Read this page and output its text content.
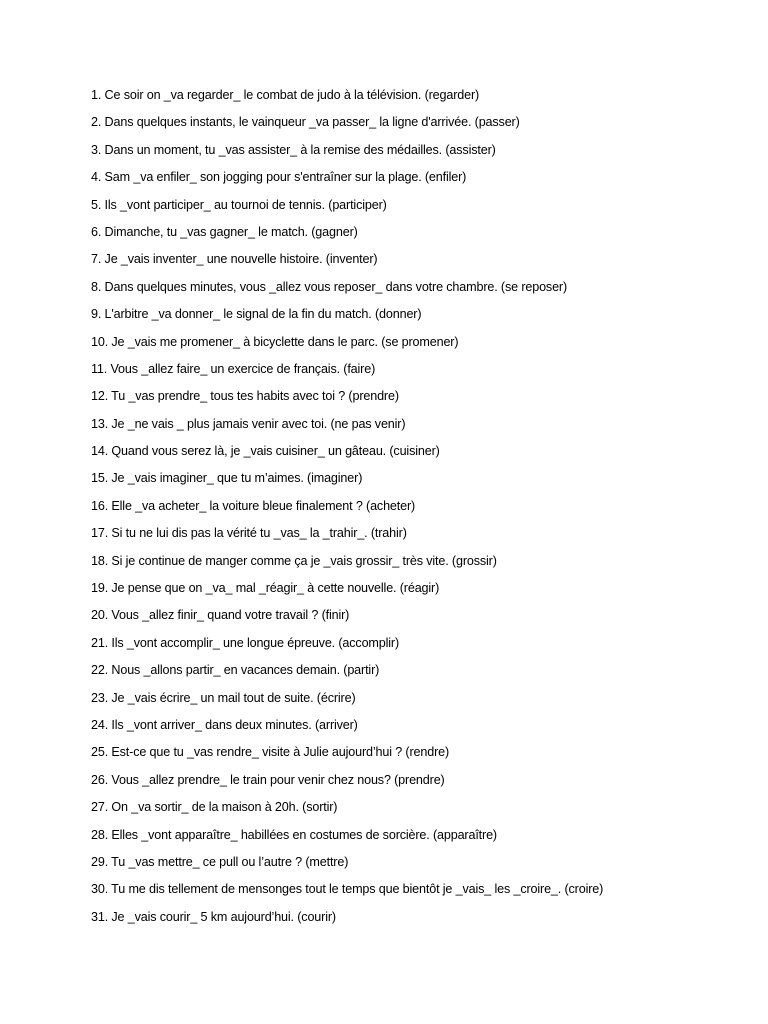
1. Ce soir on _va regarder_ le combat de judo à la télévision. (regarder)
2. Dans quelques instants, le vainqueur _va passer_ la ligne d'arrivée. (passer)
3. Dans un moment, tu _vas assister_ à la remise des médailles. (assister)
4. Sam _va enfiler_ son jogging pour s'entraîner sur la plage. (enfiler)
5. Ils _vont participer_ au tournoi de tennis. (participer)
6. Dimanche, tu _vas gagner_ le match. (gagner)
7. Je _vais inventer_ une nouvelle histoire. (inventer)
8. Dans quelques minutes, vous _allez vous reposer_ dans votre chambre. (se reposer)
9. L'arbitre _va donner_ le signal de la fin du match. (donner)
10. Je _vais me promener_ à bicyclette dans le parc. (se promener)
11. Vous _allez faire_ un exercice de français. (faire)
12. Tu _vas prendre_ tous tes habits avec toi ? (prendre)
13. Je _ne vais _ plus jamais venir avec toi. (ne pas venir)
14. Quand vous serez là, je _vais cuisiner_ un gâteau. (cuisiner)
15. Je _vais imaginer_ que tu m’aimes. (imaginer)
16. Elle _va acheter_ la voiture bleue finalement ? (acheter)
17. Si tu ne lui dis pas la vérité tu _vas_ la _trahir_. (trahir)
18. Si je continue de manger comme ça je _vais grossir_ très vite. (grossir)
19. Je pense que on _va_ mal _réagir_ à cette nouvelle. (réagir)
20. Vous _allez finir_ quand votre travail ? (finir)
21. Ils _vont accomplir_ une longue épreuve. (accomplir)
22. Nous _allons partir_ en vacances demain. (partir)
23. Je _vais écrire_ un mail tout de suite. (écrire)
24. Ils _vont arriver_ dans deux minutes. (arriver)
25. Est-ce que tu _vas rendre_ visite à Julie aujourd’hui ? (rendre)
26. Vous _allez prendre_ le train pour venir chez nous? (prendre)
27. On _va sortir_ de la maison à 20h. (sortir)
28. Elles _vont apparaître_ habillées en costumes de sorcière. (apparaître)
29. Tu _vas mettre_ ce pull ou l’autre ? (mettre)
30. Tu me dis tellement de mensonges tout le temps que bientôt je _vais_ les _croire_. (croire)
31. Je _vais courir_ 5 km aujourd’hui. (courir)
